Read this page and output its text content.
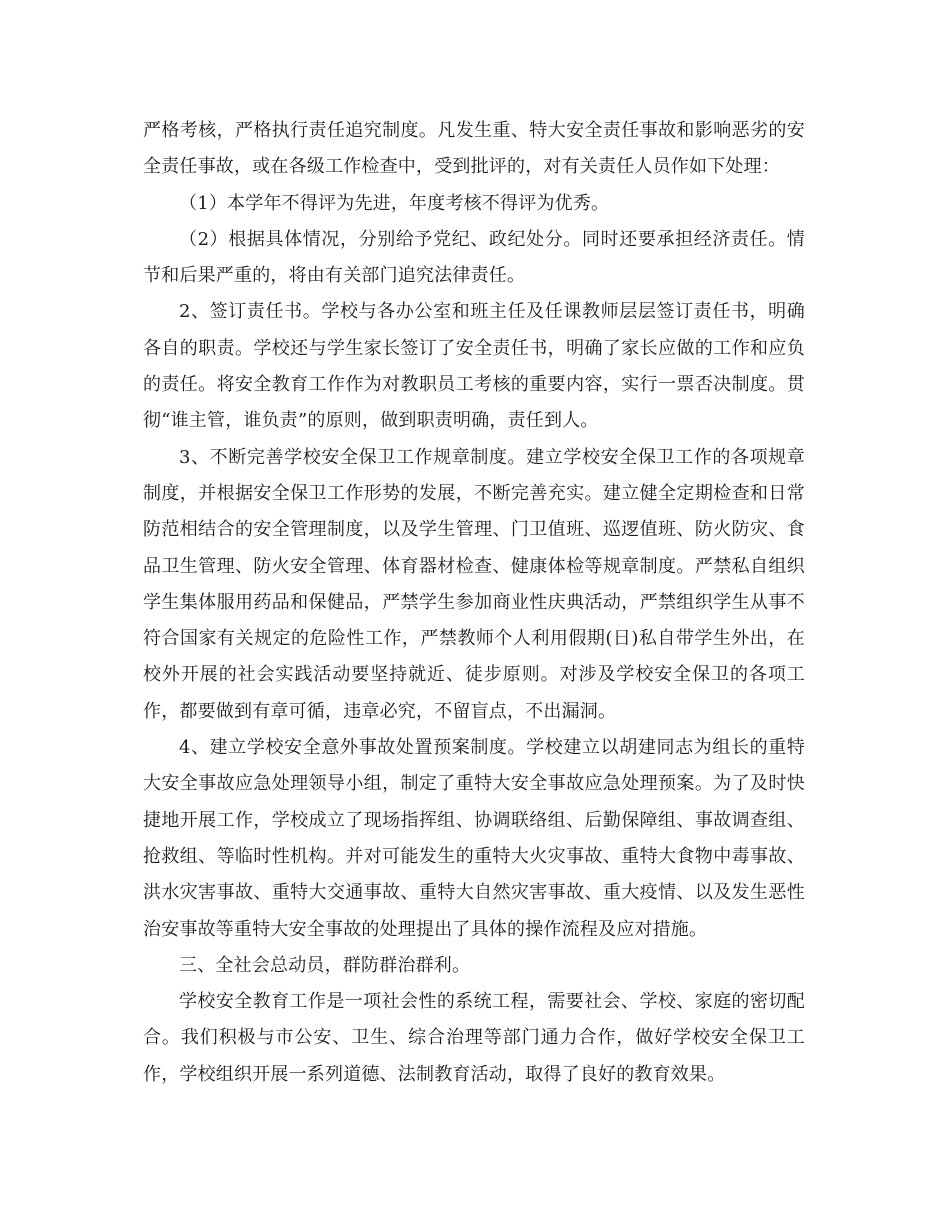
严格考核，严格执行责任追究制度。凡发生重、特大安全责任事故和影响恶劣的安全责任事故，或在各级工作检查中，受到批评的，对有关责任人员作如下处理：

（1）本学年不得评为先进，年度考核不得评为优秀。

（2）根据具体情况，分别给予党纪、政纪处分。同时还要承担经济责任。情节和后果严重的，将由有关部门追究法律责任。

2、签订责任书。学校与各办公室和班主任及任课教师层层签订责任书，明确各自的职责。学校还与学生家长签订了安全责任书，明确了家长应做的工作和应负的责任。将安全教育工作作为对教职员工考核的重要内容，实行一票否决制度。贯彻“谁主管，谁负责”的原则，做到职责明确，责任到人。

3、不断完善学校安全保卫工作规章制度。建立学校安全保卫工作的各项规章制度，并根据安全保卫工作形势的发展，不断完善充实。建立健全定期检查和日常防范相结合的安全管理制度，以及学生管理、门卫值班、巡逻值班、防火防灾、食品卫生管理、防火安全管理、体育器材检查、健康体检等规章制度。严禁私自组织学生集体服用药品和保健品，严禁学生参加商业性庆典活动，严禁组织学生从事不符合国家有关规定的危险性工作，严禁教师个人利用假期(日)私自带学生外出，在校外开展的社会实践活动要坚持就近、徒步原则。对涉及学校安全保卫的各项工作，都要做到有章可循，违章必究，不留盲点，不出漏洞。

4、建立学校安全意外事故处置预案制度。学校建立以胡建同志为组长的重特大安全事故应急处理领导小组，制定了重特大安全事故应急处理预案。为了及时快捷地开展工作，学校成立了现场指挥组、协调联络组、后勤保障组、事故调查组、抢救组、等临时性机构。并对可能发生的重特大火灾事故、重特大食物中毒事故、洪水灾害事故、重特大交通事故、重特大自然灾害事故、重大疫情、以及发生恶性治安事故等重特大安全事故的处理提出了具体的操作流程及应对措施。

三、全社会总动员，群防群治群利。

学校安全教育工作是一项社会性的系统工程，需要社会、学校、家庭的密切配合。我们积极与市公安、卫生、综合治理等部门通力合作，做好学校安全保卫工作，学校组织开展一系列道德、法制教育活动，取得了良好的教育效果。
